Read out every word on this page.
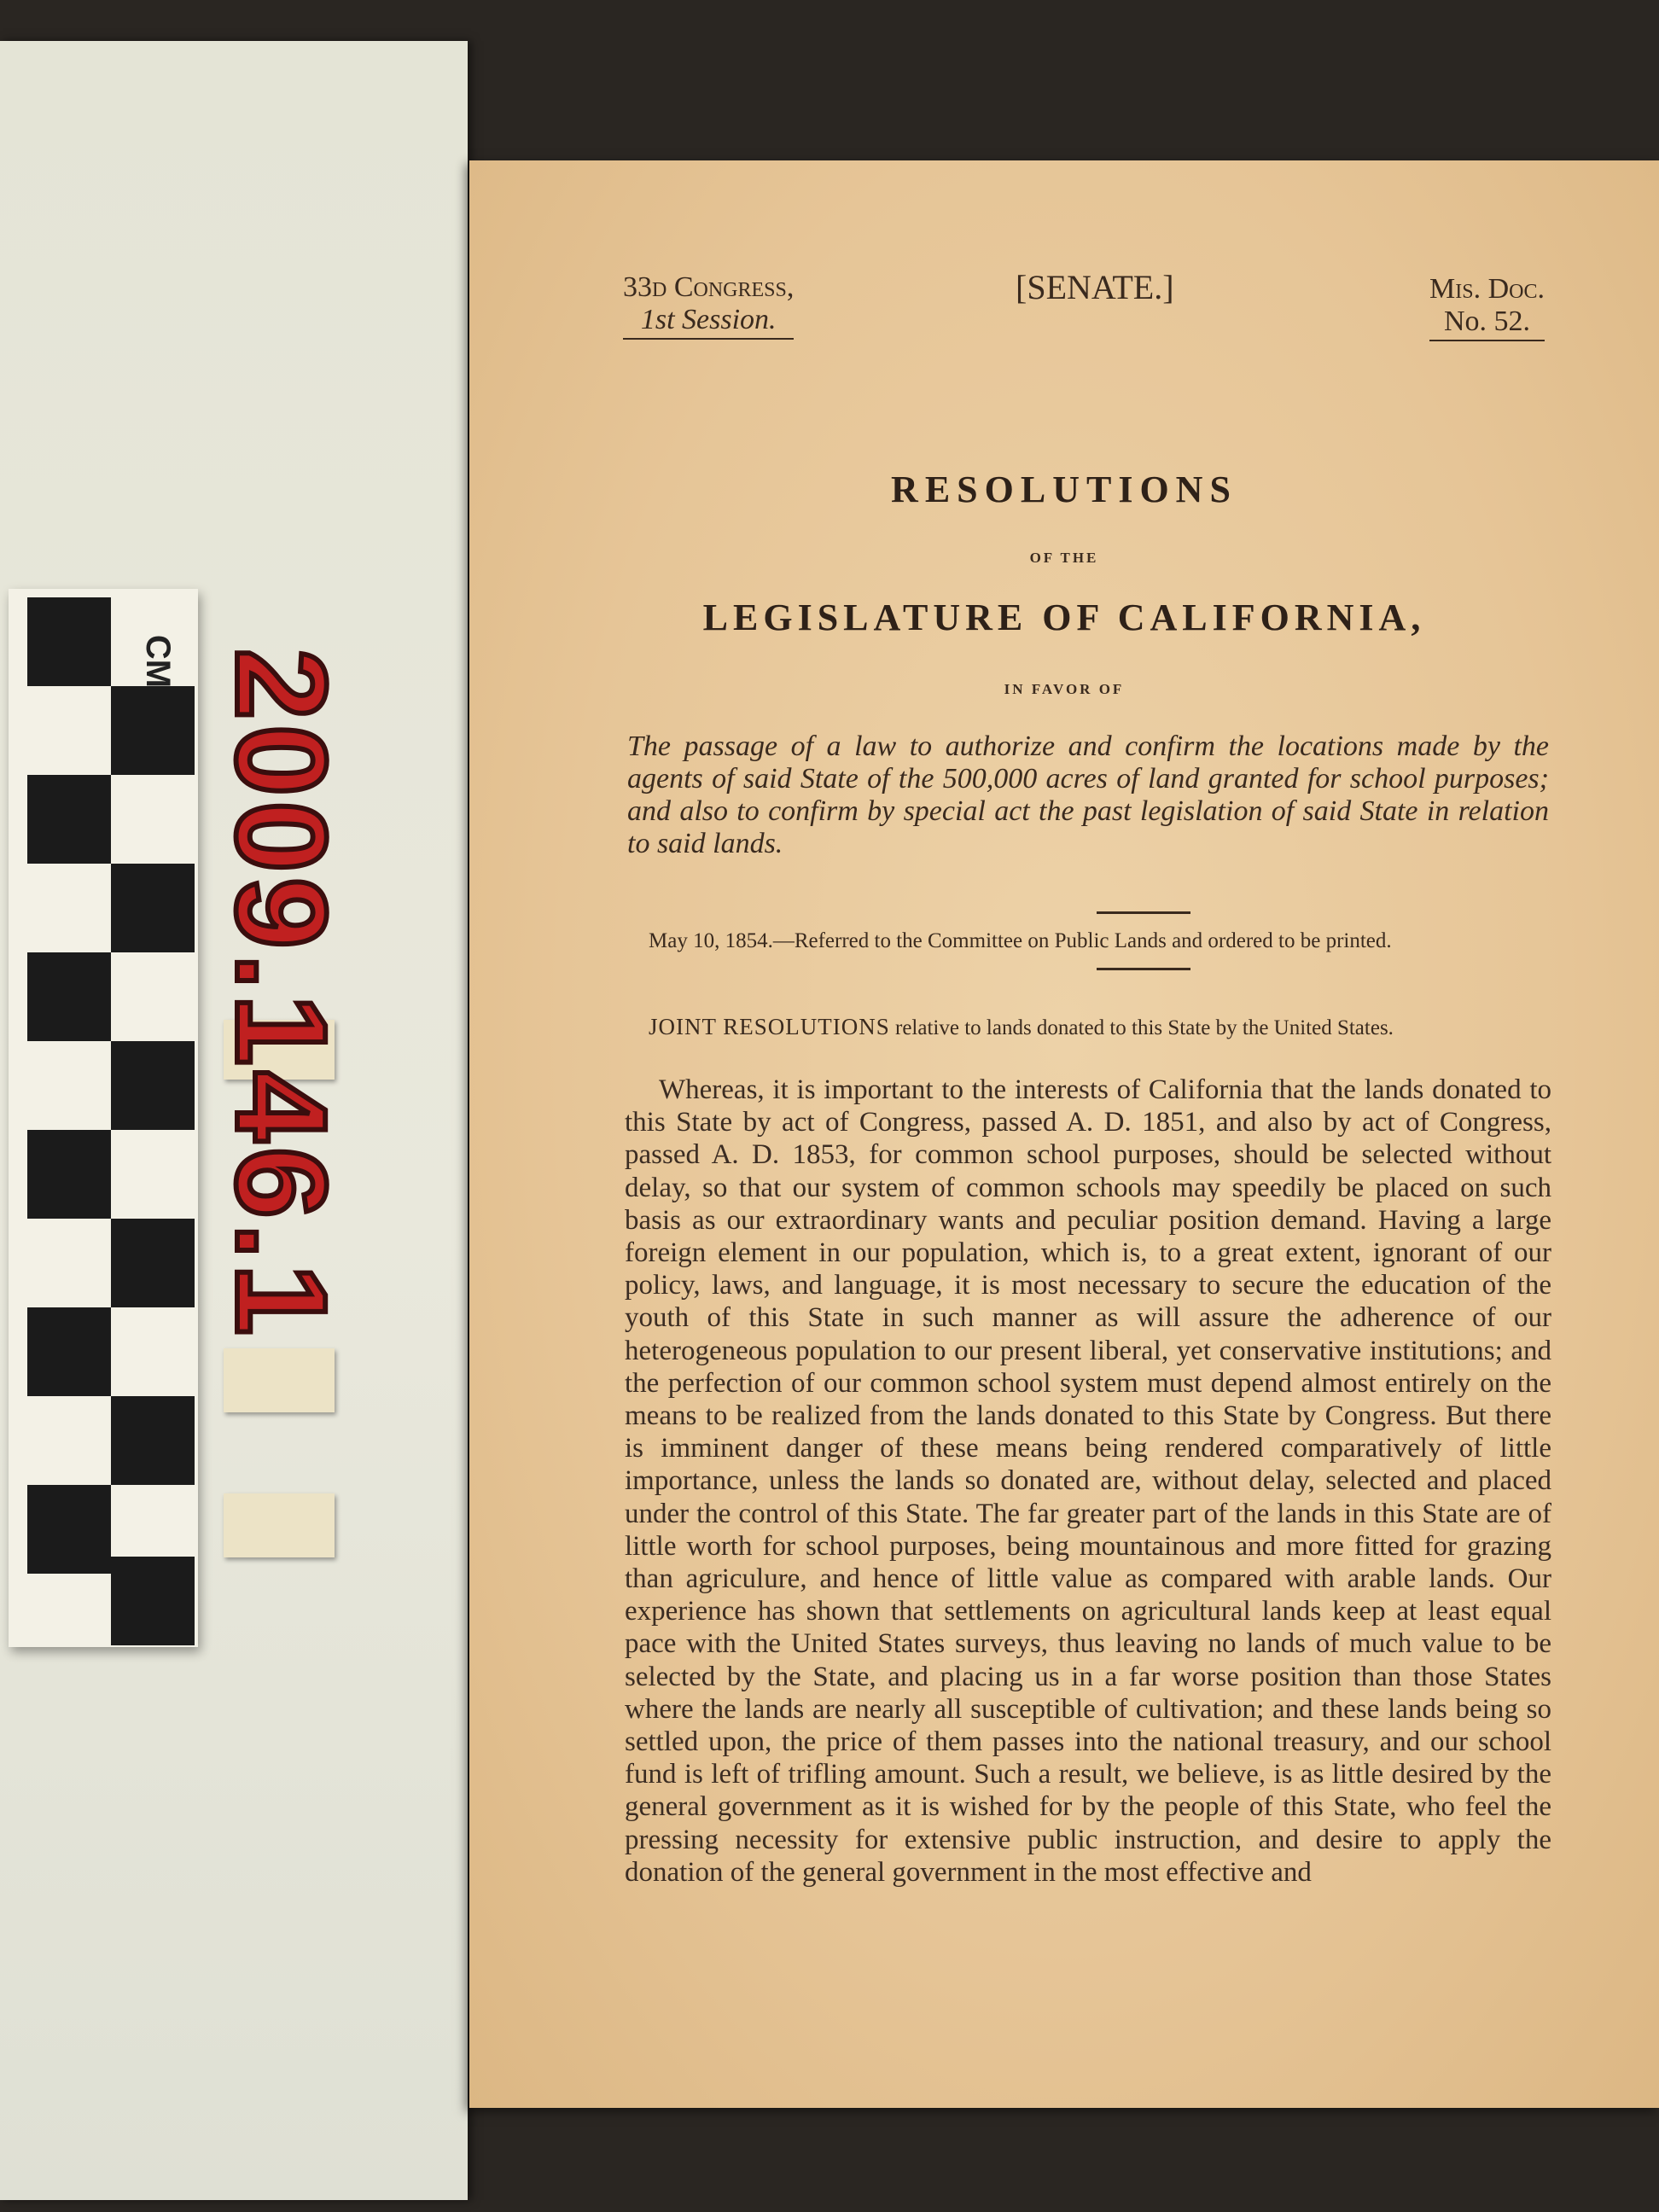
CM 2009.146.1
33d Congress,
1st Session.
[SENATE.]	Mis. Doc.
No. 52.
RESOLUTIONS
OF THE
LEGISLATURE OF CALIFORNIA,
IN FAVOR OF
The passage of a law to authorize and confirm the locations made by the agents of said State of the 500,000 acres of land granted for school purposes; and also to confirm by special act the past legislation of said State in relation to said lands.
May 10, 1854.—Referred to the Committee on Public Lands and ordered to be printed.
JOINT RESOLUTIONS relative to lands donated to this State by the United States.
Whereas, it is important to the interests of California that the lands donated to this State by act of Congress, passed A. D. 1851, and also by act of Congress, passed A. D. 1853, for common school purposes, should be selected without delay, so that our system of common schools may speedily be placed on such basis as our extraordinary wants and peculiar position demand. Having a large foreign element in our population, which is, to a great extent, ignorant of our policy, laws, and language, it is most necessary to secure the education of the youth of this State in such manner as will assure the adherence of our heterogeneous population to our present liberal, yet conservative institutions; and the perfection of our common school system must depend almost entirely on the means to be realized from the lands donated to this State by Congress. But there is imminent danger of these means being rendered comparatively of little importance, unless the lands so donated are, without delay, selected and placed under the control of this State. The far greater part of the lands in this State are of little worth for school purposes, being mountainous and more fitted for grazing than agriculure, and hence of little value as compared with arable lands. Our experience has shown that settlements on agricultural lands keep at least equal pace with the United States surveys, thus leaving no lands of much value to be selected by the State, and placing us in a far worse position than those States where the lands are nearly all susceptible of cultivation; and these lands being so settled upon, the price of them passes into the national treasury, and our school fund is left of trifling amount. Such a result, we believe, is as little desired by the general government as it is wished for by the people of this State, who feel the pressing necessity for extensive public instruction, and desire to apply the donation of the general government in the most effective and
